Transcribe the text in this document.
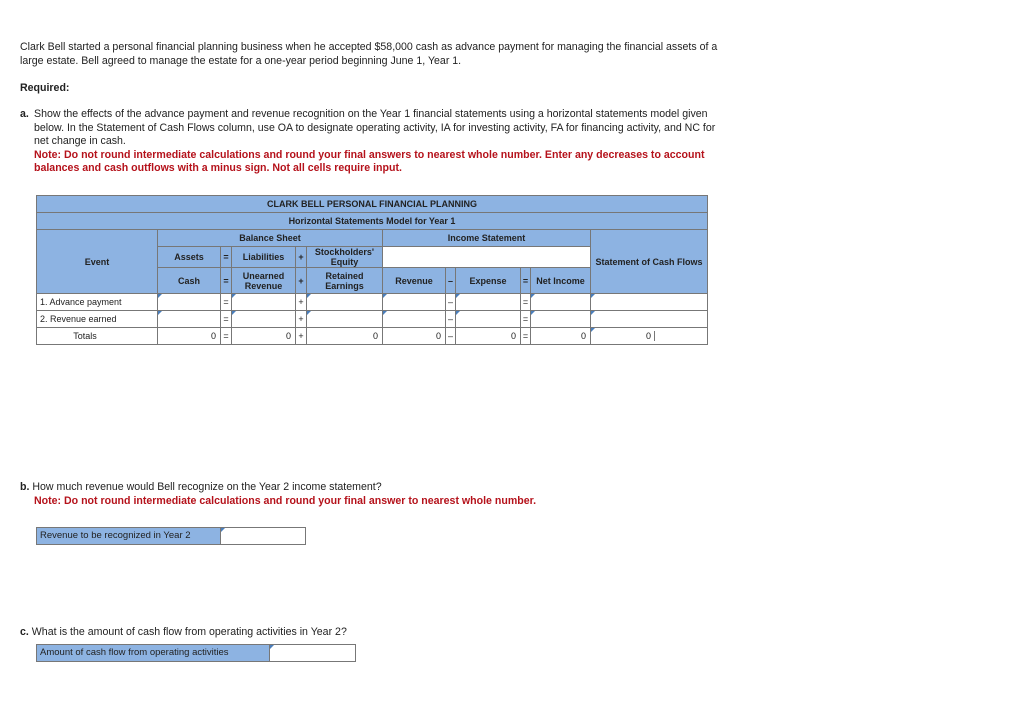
Clark Bell started a personal financial planning business when he accepted $58,000 cash as advance payment for managing the financial assets of a large estate. Bell agreed to manage the estate for a one-year period beginning June 1, Year 1.

Required:

a. Show the effects of the advance payment and revenue recognition on the Year 1 financial statements using a horizontal statements model given below. In the Statement of Cash Flows column, use OA to designate operating activity, IA for investing activity, FA for financing activity, and NC for net change in cash.
Note: Do not round intermediate calculations and round your final answers to nearest whole number. Enter any decreases to account balances and cash outflows with a minus sign. Not all cells require input.
CLARK BELL PERSONAL FINANCIAL PLANNING											
Horizontal Statements Model for Year 1											
Event	Balance Sheet					Income Statement					Statement of Cash Flows
	Assets	=	Liabilities	+	Stockholders' Equity						

	Cash	=	Unearned Revenue	+	Retained Earnings	Revenue	–	Expense	=	Net Income	
1. Advance payment		=		+			–		=		
2. Revenue earned		=		+			–		=		

Totals	0	=	0	+	0	0	–	0	=	0	0
b. How much revenue would Bell recognize on the Year 2 income statement?
Note: Do not round intermediate calculations and round your final answer to nearest whole number.
Revenue to be recognized in Year 2
c. What is the amount of cash flow from operating activities in Year 2?
Amount of cash flow from operating activities
